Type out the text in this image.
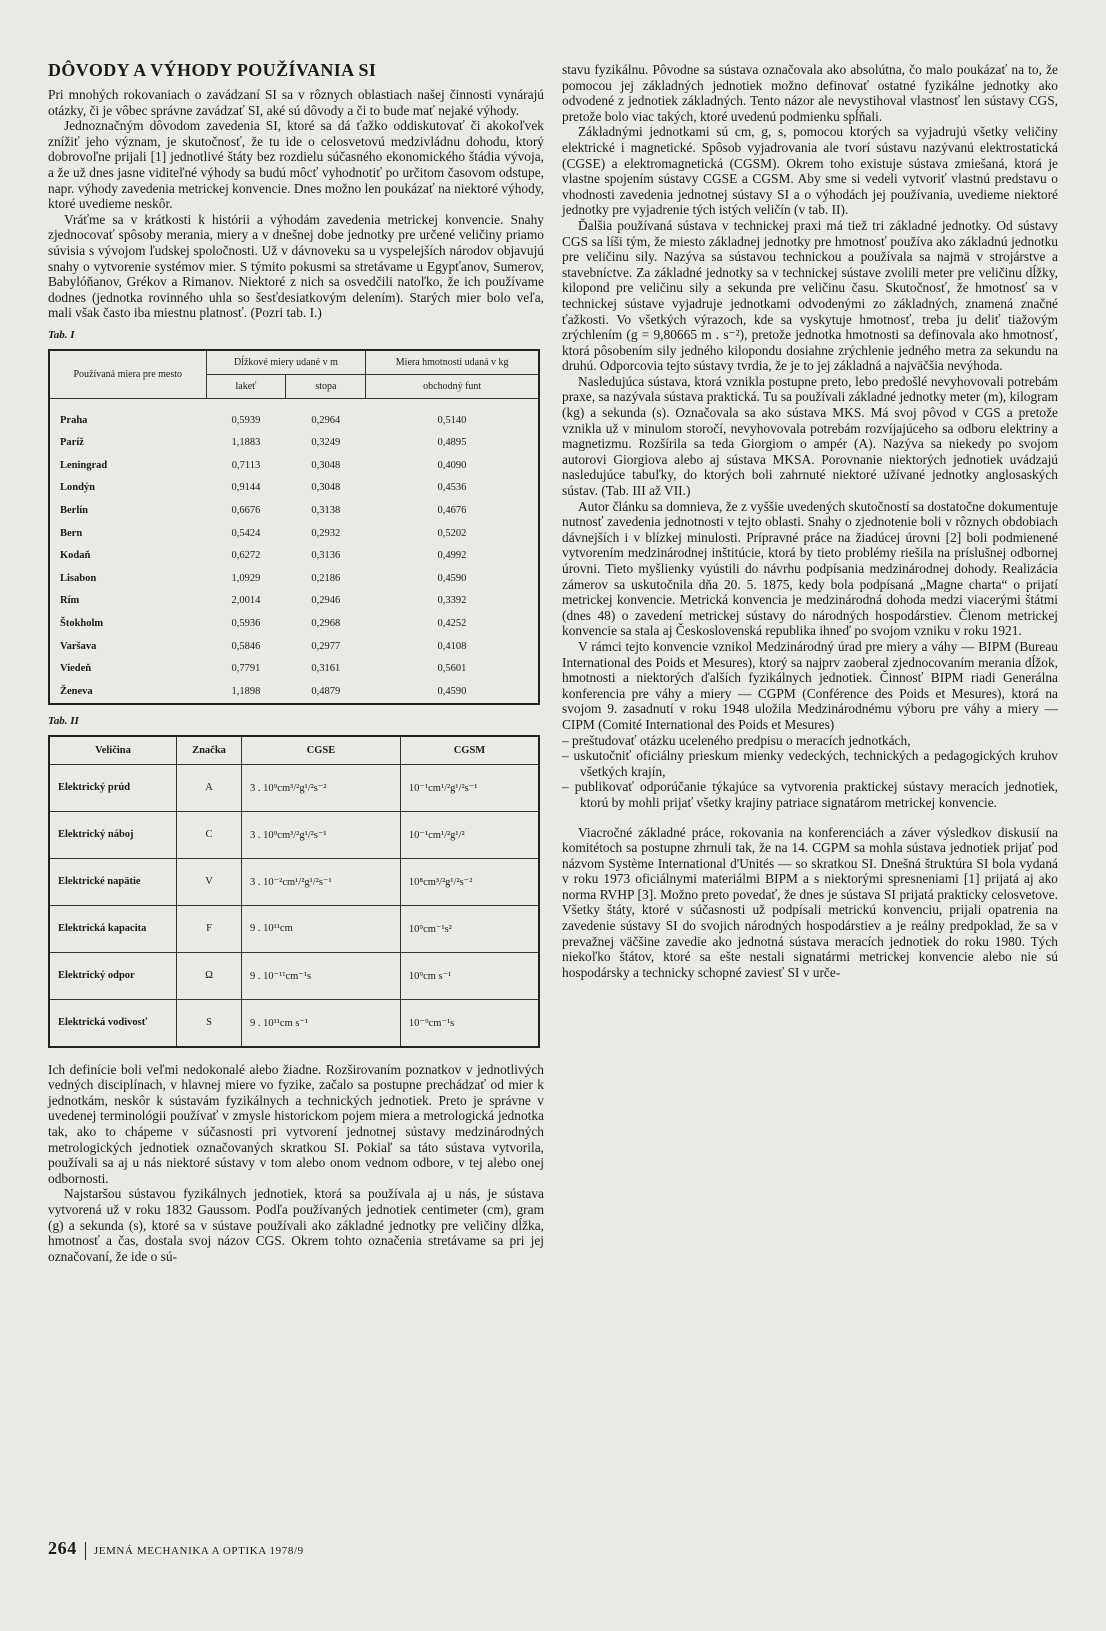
DÔVODY A VÝHODY POUŽÍVANIA SI

Pri mnohých rokovaniach o zavádzaní SI sa v rôznych oblastiach našej činnosti vynárajú otázky, či je vôbec správne zavádzať SI, aké sú dôvody a či to bude mať nejaké výhody.

Jednoznačným dôvodom zavedenia SI, ktoré sa dá ťažko oddiskutovať či akokoľvek znížiť jeho význam, je skutočnosť, že tu ide o celosvetovú medzivládnu dohodu, ktorý dobrovoľne prijali [1] jednotlivé štáty bez rozdielu súčasného ekonomického štádia vývoja, a že už dnes jasne viditeľné výhody sa budú môcť vyhodnotiť po určitom časovom odstupe, napr. výhody zavedenia metrickej konvencie. Dnes možno len poukázať na niektoré výhody, ktoré uvedieme neskôr.

Vráťme sa v krátkosti k histórii a výhodám zavedenia metrickej konvencie. Snahy zjednocovať spôsoby merania, miery a v dnešnej dobe jednotky pre určené veličiny priamo súvisia s vývojom ľudskej spoločnosti. Už v dávnoveku sa u vyspelejších národov objavujú snahy o vytvorenie systémov mier. S týmito pokusmi sa stretávame u Egypťanov, Sumerov, Babylóňanov, Grékov a Rimanov. Niektoré z nich sa osvedčili natoľko, že ich používame dodnes (jednotka rovinného uhla so šesťdesiatkovým delením). Starých mier bolo veľa, mali však často iba miestnu platnosť. (Pozri tab. I.)

Tab. I
Používaná miera pre mesto	Dĺžkové miery udané v m		Miera hmotnosti udaná v kg
	lakeť	stopa	obchodný funt
Praha	0,5939	0,2964	0,5140
Paríž	1,1883	0,3249	0,4895
Leningrad	0,7113	0,3048	0,4090
Londýn	0,9144	0,3048	0,4536
Berlín	0,6676	0,3138	0,4676
Bern	0,5424	0,2932	0,5202
Kodaň	0,6272	0,3136	0,4992
Lisabon	1,0929	0,2186	0,4590
Rím	2,0014	0,2946	0,3392
Štokholm	0,5936	0,2968	0,4252
Varšava	0,5846	0,2977	0,4108
Viedeň	0,7791	0,3161	0,5601
Ženeva	1,1898	0,4879	0,4590
Tab. II
Veličina	Značka	CGSE	CGSM
Elektrický prúd	A	3 . 10⁹cm³/²g¹/²s⁻²	10⁻¹cm¹/²g¹/²s⁻¹
Elektrický náboj	C	3 . 10⁹cm³/²g¹/²s⁻¹	10⁻¹cm¹/²g¹/²
Elektrické napätie	V	3 . 10⁻²cm¹/²g¹/²s⁻¹	10⁸cm³/²g¹/²s⁻²
Elektrická kapacita	F	9 . 10¹¹cm	10⁹cm⁻¹s²
Elektrický odpor	Ω	9 . 10⁻¹¹cm⁻¹s	10⁹cm s⁻¹
Elektrická vodivosť	S	9 . 10¹¹cm s⁻¹	10⁻⁹cm⁻¹s

Ich definície boli veľmi nedokonalé alebo žiadne. Rozširovaním poznatkov v jednotlivých vedných disciplínach, v hlavnej miere vo fyzike, začalo sa postupne prechádzať od mier k jednotkám, neskôr k sústavám fyzikálnych a technických jednotiek. Preto je správne v uvedenej terminológii používať v zmysle historickom pojem miera a metrologická jednotka tak, ako to chápeme v súčasnosti pri vytvorení jednotnej sústavy medzinárodných metrologických jednotiek označovaných skratkou SI. Pokiaľ sa táto sústava vytvorila, používali sa aj u nás niektoré sústavy v tom alebo onom vednom odbore, v tej alebo onej odbornosti.

Najstaršou sústavou fyzikálnych jednotiek, ktorá sa používala aj u nás, je sústava vytvorená už v roku 1832 Gaussom. Podľa používaných jednotiek centimeter (cm), gram (g) a sekunda (s), ktoré sa v sústave používali ako základné jednotky pre veličiny dĺžka, hmotnosť a čas, dostala svoj názov CGS. Okrem tohto označenia stretávame sa pri jej označovaní, že ide o sú-

stavu fyzikálnu. Pôvodne sa sústava označovala ako absolútna, čo malo poukázať na to, že pomocou jej základných jednotiek možno definovať ostatné fyzikálne jednotky ako odvodené z jednotiek základných. Tento názor ale nevystihoval vlastnosť len sústavy CGS, pretože bolo viac takých, ktoré uvedenú podmienku spĺňali.

Základnými jednotkami sú cm, g, s, pomocou ktorých sa vyjadrujú všetky veličiny elektrické i magnetické. Spôsob vyjadrovania ale tvorí sústavu nazývanú elektrostatická (CGSE) a elektromagnetická (CGSM). Okrem toho existuje sústava zmiešaná, ktorá je vlastne spojením sústavy CGSE a CGSM. Aby sme si vedeli vytvoriť vlastnú predstavu o vhodnosti zavedenia jednotnej sústavy SI a o výhodách jej používania, uvedieme niektoré jednotky pre vyjadrenie tých istých veličín (v tab. II).

Ďalšia používaná sústava v technickej praxi má tiež tri základné jednotky. Od sústavy CGS sa líši tým, že miesto základnej jednotky pre hmotnosť používa ako základnú jednotku pre veličinu sily. Nazýva sa sústavou technickou a používala sa najmä v strojárstve a stavebníctve. Za základné jednotky sa v technickej sústave zvolili meter pre veličinu dĺžky, kilopond pre veličinu sily a sekunda pre veličinu času. Skutočnosť, že hmotnosť sa v technickej sústave vyjadruje jednotkami odvodenými zo základných, znamená značné ťažkosti. Vo všetkých výrazoch, kde sa vyskytuje hmotnosť, treba ju deliť tiažovým zrýchlením (g = 9,80665 m . s⁻²), pretože jednotka hmotnosti sa definovala ako hmotnosť, ktorá pôsobením sily jedného kilopondu dosiahne zrýchlenie jedného metra za sekundu na druhú. Odporcovia tejto sústavy tvrdia, že je to jej základná a najväčšia nevýhoda.

Nasledujúca sústava, ktorá vznikla postupne preto, lebo predošlé nevyhovovali potrebám praxe, sa nazývala sústava praktická. Tu sa používali základné jednotky meter (m), kilogram (kg) a sekunda (s). Označovala sa ako sústava MKS. Má svoj pôvod v CGS a pretože vznikla už v minulom storočí, nevyhovovala potrebám rozvíjajúceho sa odboru elektriny a magnetizmu. Rozšírila sa teda Giorgiom o ampér (A). Nazýva sa niekedy po svojom autorovi Giorgiova alebo aj sústava MKSA. Porovnanie niektorých jednotiek uvádzajú nasledujúce tabuľky, do ktorých boli zahrnuté niektoré užívané jednotky anglosaských sústav. (Tab. III až VII.)

Autor článku sa domnieva, že z vyššie uvedených skutočností sa dostatočne dokumentuje nutnosť zavedenia jednotnosti v tejto oblasti. Snahy o zjednotenie boli v rôznych obdobiach dávnejších i v blízkej minulosti. Prípravné práce na žiadúcej úrovni [2] boli podmienené vytvorením medzinárodnej inštitúcie, ktorá by tieto problémy riešila na príslušnej odbornej úrovni. Tieto myšlienky vyústili do návrhu podpísania medzinárodnej dohody. Realizácia zámerov sa uskutočnila dňa 20. 5. 1875, kedy bola podpísaná „Magne charta“ o prijatí metrickej konvencie. Metrická konvencia je medzinárodná dohoda medzi viacerými štátmi (dnes 48) o zavedení metrickej sústavy do národných hospodárstiev. Členom metrickej konvencie sa stala aj Československá republika ihneď po svojom vzniku v roku 1921.

V rámci tejto konvencie vznikol Medzinárodný úrad pre miery a váhy — BIPM (Bureau International des Poids et Mesures), ktorý sa najprv zaoberal zjednocovaním merania dĺžok, hmotnosti a niektorých ďalších fyzikálnych jednotiek. Činnosť BIPM riadi Generálna konferencia pre váhy a miery — CGPM (Conférence des Poids et Mesures), ktorá na svojom 9. zasadnutí v roku 1948 uložila Medzinárodnému výboru pre váhy a miery — CIPM (Comité International des Poids et Mesures)

– preštudovať otázku uceleného predpisu o meracích jednotkách,
– uskutočniť oficiálny prieskum mienky vedeckých, technických a pedagogických kruhov všetkých krajín,
– publikovať odporúčanie týkajúce sa vytvorenia praktickej sústavy meracích jednotiek, ktorú by mohli prijať všetky krajiny patriace signatárom metrickej konvencie.

Viacročné základné práce, rokovania na konferenciách a záver výsledkov diskusií na komitétoch sa postupne zhrnuli tak, že na 14. CGPM sa mohla sústava jednotiek prijať pod názvom Système International d'Unités — so skratkou SI. Dnešná štruktúra SI bola vydaná v roku 1973 oficiálnymi materiálmi BIPM a s niektorými spresneniami [1] prijatá aj ako norma RVHP [3]. Možno preto povedať, že dnes je sústava SI prijatá prakticky celosvetove. Všetky štáty, ktoré v súčasnosti už podpísali metrickú konvenciu, prijali opatrenia na zavedenie sústavy SI do svojich národných hospodárstiev a je reálny predpoklad, že sa v prevažnej väčšine zavedie ako jednotná sústava meracích jednotiek do roku 1980. Tých niekoľko štátov, ktoré sa ešte nestali signatármi metrickej konvencie alebo nie sú hospodársky a technicky schopné zaviesť SI v urče-

264 JEMNÁ MECHANIKA A OPTIKA 1978/9
